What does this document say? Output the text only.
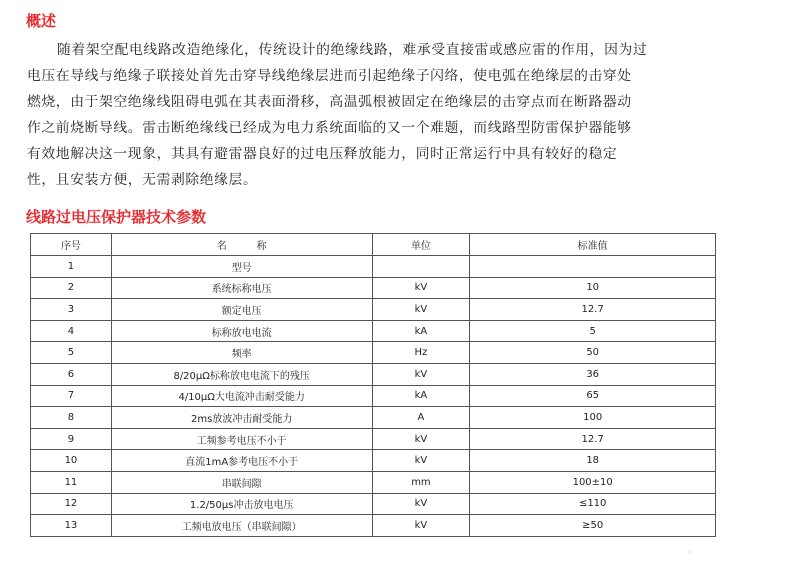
概述

随着架空配电线路改造绝缘化，传统设计的绝缘线路，难承受直接雷或感应雷的作用，因为过
电压在导线与绝缘子联接处首先击穿导线绝缘层进而引起绝缘子闪络，使电弧在绝缘层的击穿处
燃烧，由于架空绝缘线阻碍电弧在其表面滑移，高温弧根被固定在绝缘层的击穿点而在断路器动
作之前烧断导线。雷击断绝缘线已经成为电力系统面临的又一个难题，而线路型防雷保护器能够
有效地解决这一现象，其具有避雷器良好的过电压释放能力，同时正常运行中具有较好的稳定
性，且安装方便，无需剥除绝缘层。

线路过电压保护器技术参数
序号	名称	单位	标准值
1	型号		
2	系统标称电压	kV	10
3	额定电压	kV	12.7
4	标称放电电流	kA	5
5	频率	Hz	50
6	8/20μΩ标称放电电流下的残压	kV	36
7	4/10μΩ大电流冲击耐受能力	kA	65
8	2ms放波冲击耐受能力	A	100
9	工频参考电压不小于	kV	12.7
10	直流1mA参考电压不小于	kV	18
11	串联间隙	mm	100±10
12	1.2/50μs冲击放电电压	kV	≤110
13	工频电放电压（串联间隙）	kV	≥50
·
